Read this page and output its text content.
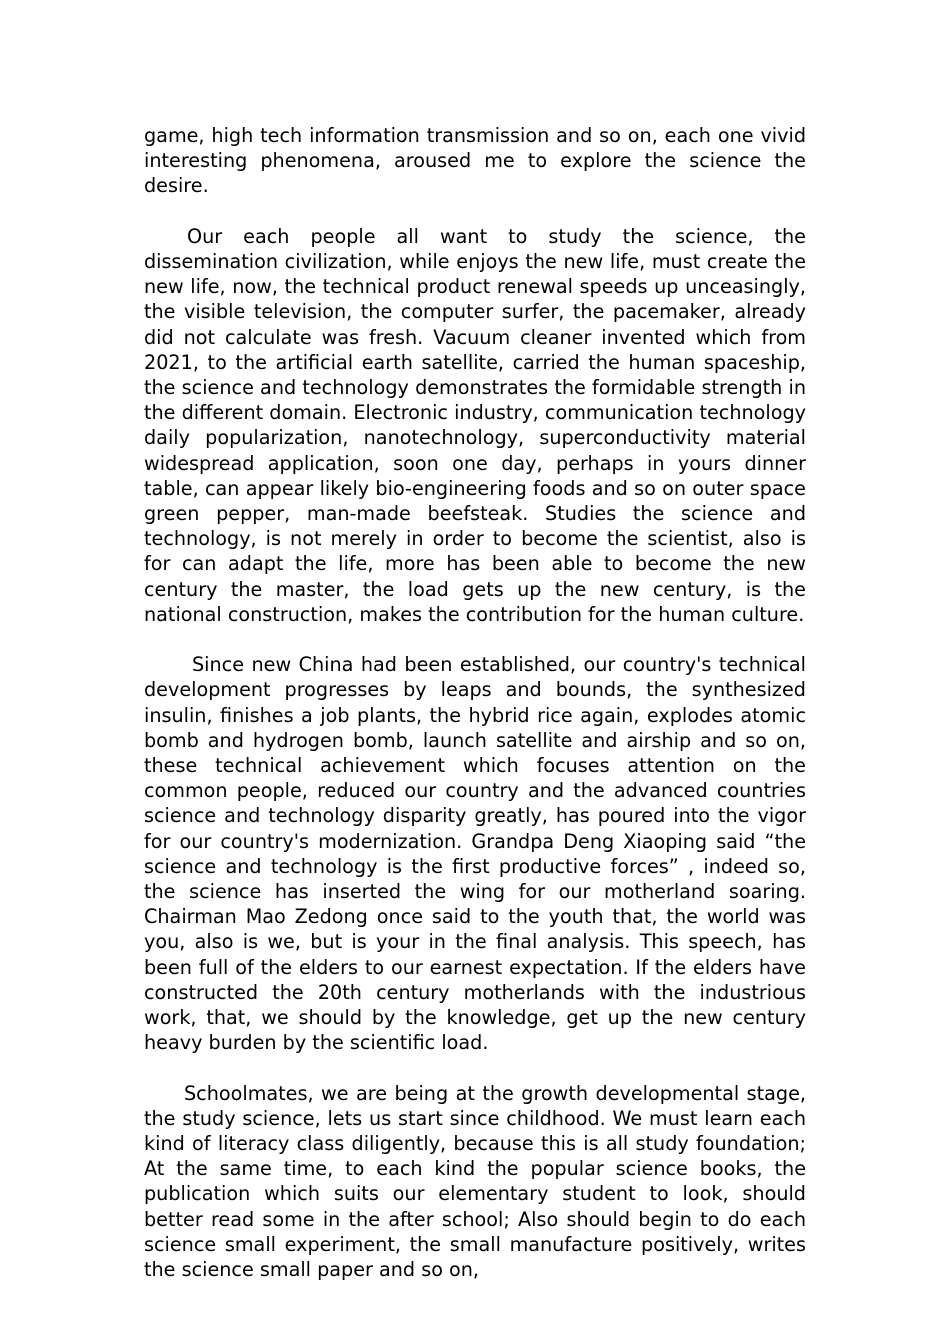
game, high tech information transmission and so on, each one vivid interesting phenomena, aroused me to explore the science the desire.

Our each people all want to study the science, the dissemination civilization, while enjoys the new life, must create the new life, now, the technical product renewal speeds up unceasingly, the visible television, the computer surfer, the pacemaker, already did not calculate was fresh. Vacuum cleaner invented which from 2021, to the artificial earth satellite, carried the human spaceship, the science and technology demonstrates the formidable strength in the different domain. Electronic industry, communication technology daily popularization, nanotechnology, superconductivity material widespread application, soon one day, perhaps in yours dinner table, can appear likely bio-engineering foods and so on outer space green pepper, man-made beefsteak. Studies the science and technology, is not merely in order to become the scientist, also is for can adapt the life, more has been able to become the new century the master, the load gets up the new century, is the national construction, makes the contribution for the human culture.

Since new China had been established, our country's technical development progresses by leaps and bounds, the synthesized insulin, finishes a job plants, the hybrid rice again, explodes atomic bomb and hydrogen bomb, launch satellite and airship and so on, these technical achievement which focuses attention on the common people, reduced our country and the advanced countries science and technology disparity greatly, has poured into the vigor for our country's modernization. Grandpa Deng Xiaoping said “the science and technology is the first productive forces” , indeed so, the science has inserted the wing for our motherland soaring. Chairman Mao Zedong once said to the youth that, the world was you, also is we, but is your in the final analysis. This speech, has been full of the elders to our earnest expectation. If the elders have constructed the 20th century motherlands with the industrious work, that, we should by the knowledge, get up the new century heavy burden by the scientific load.

Schoolmates, we are being at the growth developmental stage, the study science, lets us start since childhood. We must learn each kind of literacy class diligently, because this is all study foundation; At the same time, to each kind the popular science books, the publication which suits our elementary student to look, should better read some in the after school; Also should begin to do each science small experiment, the small manufacture positively, writes the science small paper and so on,
